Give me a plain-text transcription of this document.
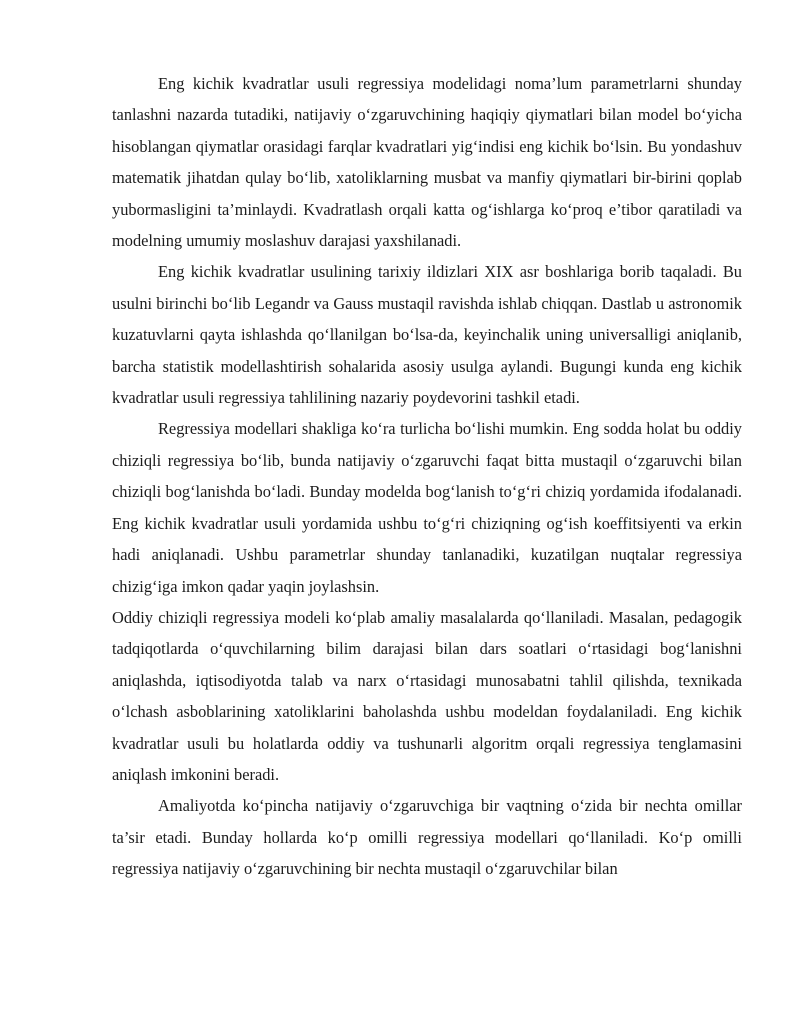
Eng kichik kvadratlar usuli regressiya modelidagi noma’lum parametrlarni shunday tanlashni nazarda tutadiki, natijaviy o‘zgaruvchining haqiqiy qiymatlari bilan model bo‘yicha hisoblangan qiymatlar orasidagi farqlar kvadratlari yig‘indisi eng kichik bo‘lsin. Bu yondashuv matematik jihatdan qulay bo‘lib, xatoliklarning musbat va manfiy qiymatlari bir-birini qoplab yubormasligini ta’minlaydi. Kvadratlash orqali katta og‘ishlarga ko‘proq e’tibor qaratiladi va modelning umumiy moslashuv darajasi yaxshilanadi.

Eng kichik kvadratlar usulining tarixiy ildizlari XIX asr boshlariga borib taqaladi. Bu usulni birinchi bo‘lib Legandr va Gauss mustaqil ravishda ishlab chiqqan. Dastlab u astronomik kuzatuvlarni qayta ishlashda qo‘llanilgan bo‘lsa-da, keyinchalik uning universalligi aniqlanib, barcha statistik modellashtirish sohalarida asosiy usulga aylandi. Bugungi kunda eng kichik kvadratlar usuli regressiya tahlilining nazariy poydevorini tashkil etadi.

Regressiya modellari shakliga ko‘ra turlicha bo‘lishi mumkin. Eng sodda holat bu oddiy chiziqli regressiya bo‘lib, bunda natijaviy o‘zgaruvchi faqat bitta mustaqil o‘zgaruvchi bilan chiziqli bog‘lanishda bo‘ladi. Bunday modelda bog‘lanish to‘g‘ri chiziq yordamida ifodalanadi. Eng kichik kvadratlar usuli yordamida ushbu to‘g‘ri chiziqning og‘ish koeffitsiyenti va erkin hadi aniqlanadi. Ushbu parametrlar shunday tanlanadiki, kuzatilgan nuqtalar regressiya chizig‘iga imkon qadar yaqin joylashsin.

Oddiy chiziqli regressiya modeli ko‘plab amaliy masalalarda qo‘llaniladi. Masalan, pedagogik tadqiqotlarda o‘quvchilarning bilim darajasi bilan dars soatlari o‘rtasidagi bog‘lanishni aniqlashda, iqtisodiyotda talab va narx o‘rtasidagi munosabatni tahlil qilishda, texnikada o‘lchash asboblarining xatoliklarini baholashda ushbu modeldan foydalaniladi. Eng kichik kvadratlar usuli bu holatlarda oddiy va tushunarli algoritm orqali regressiya tenglamasini aniqlash imkonini beradi.

Amaliyotda ko‘pincha natijaviy o‘zgaruvchiga bir vaqtning o‘zida bir nechta omillar ta’sir etadi. Bunday hollarda ko‘p omilli regressiya modellari qo‘llaniladi. Ko‘p omilli regressiya natijaviy o‘zgaruvchining bir nechta mustaqil o‘zgaruvchilar bilan
